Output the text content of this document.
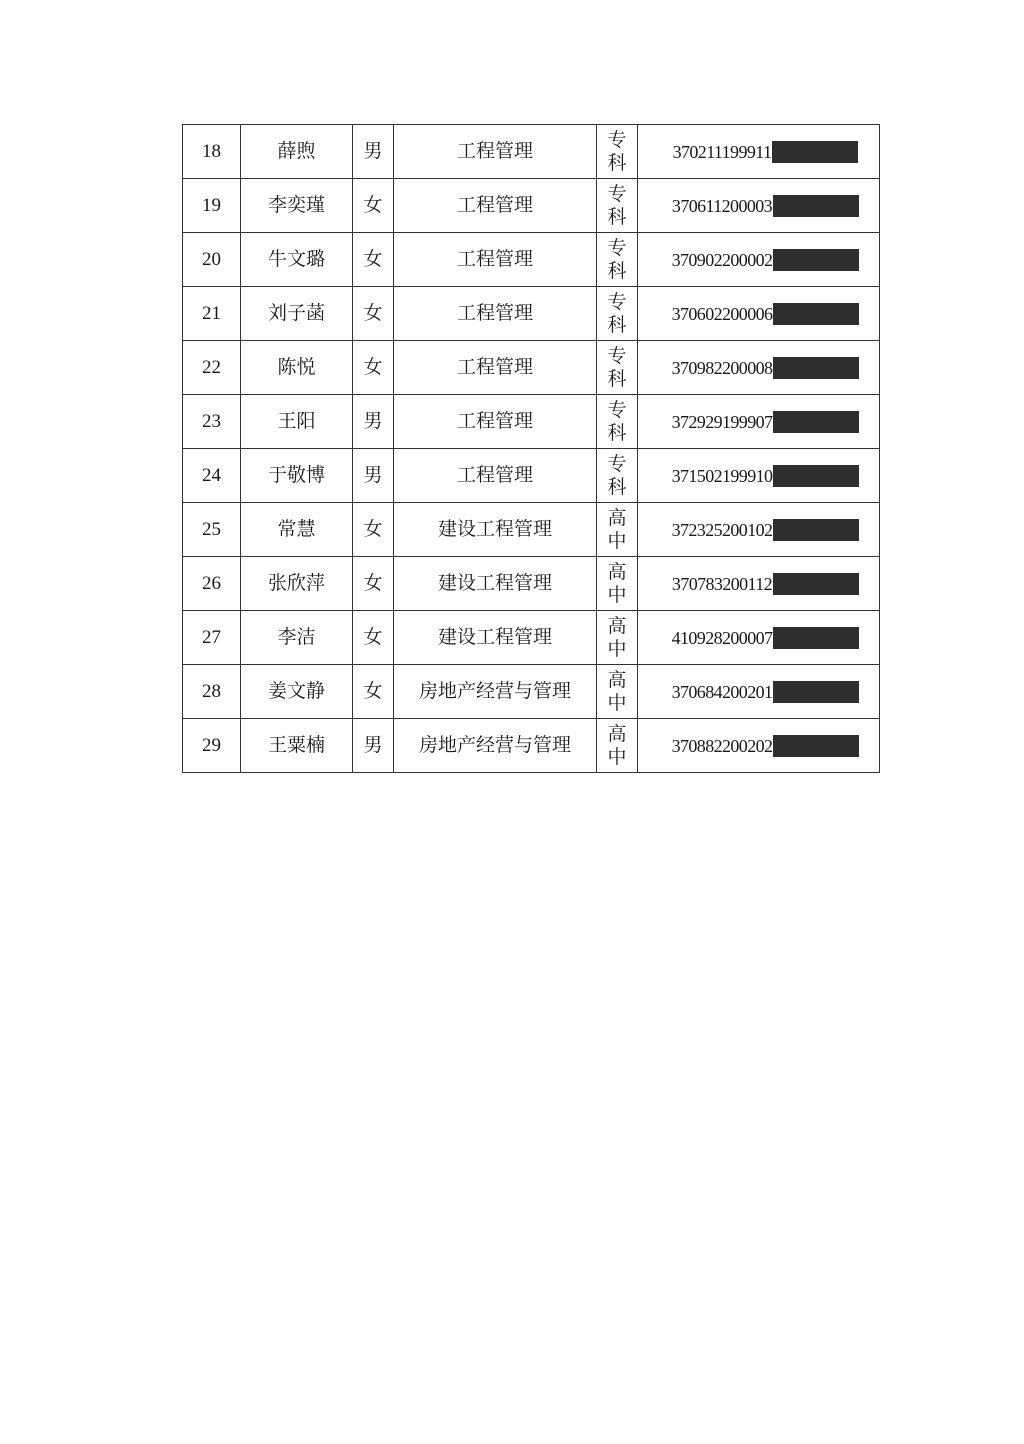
18	薛煦	男	工程管理	专科	370211199911

19	李奕瑾	女	工程管理	专科	370611200003

20	牛文璐	女	工程管理	专科	370902200002

21	刘子菡	女	工程管理	专科	370602200006

22	陈悦	女	工程管理	专科	370982200008

23	王阳	男	工程管理	专科	372929199907

24	于敬博	男	工程管理	专科	371502199910

25	常慧	女	建设工程管理	高中	372325200102

26	张欣萍	女	建设工程管理	高中	370783200112

27	李洁	女	建设工程管理	高中	410928200007

28	姜文静	女	房地产经营与管理	高中	370684200201

29	王粟楠	男	房地产经营与管理	高中	370882200202
